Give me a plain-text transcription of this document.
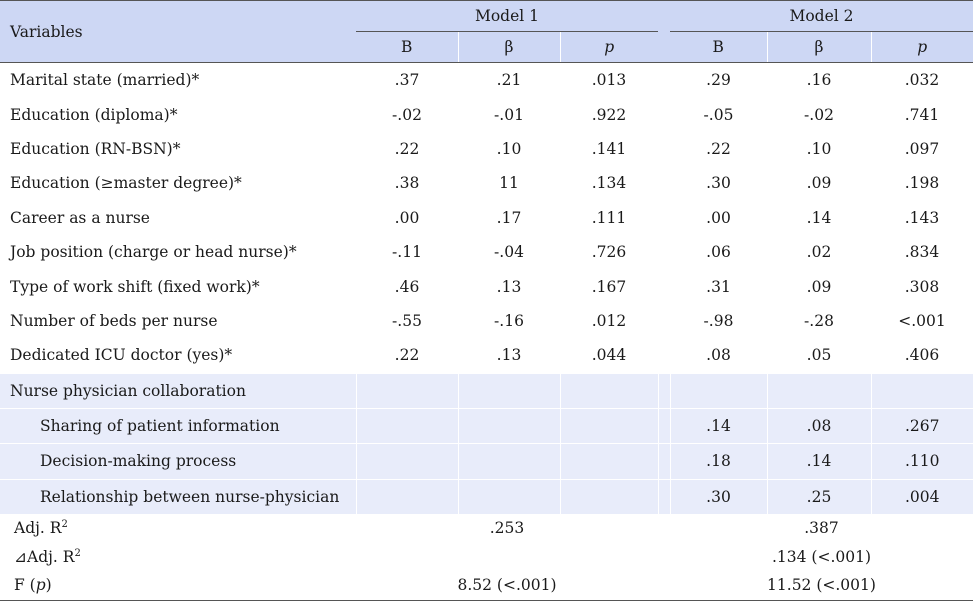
Variables	Model 1				Model 2		
	B	β	p		B	β	p
Marital state (married)*	.37	.21	.013		.29	.16	.032
Education (diploma)*	-.02	-.01	.922		-.05	-.02	.741
Education (RN-BSN)*	.22	.10	.141		.22	.10	.097
Education (≥master degree)*	.38	11	.134		.30	.09	.198
Career as a nurse	.00	.17	.111		.00	.14	.143
Job position (charge or head nurse)*	-.11	-.04	.726		.06	.02	.834
Type of work shift (fixed work)*	.46	.13	.167		.31	.09	.308
Number of beds per nurse	-.55	-.16	.012		-.98	-.28	<.001
Dedicated ICU doctor (yes)*	.22	.13	.044		.08	.05	.406
Nurse physician collaboration							
Sharing of patient information					.14	.08	.267
Decision-making process					.18	.14	.110
Relationship between nurse-physician					.30	.25	.004
Adj. $R^2$	.253				.387		
⊿Adj. $R^2$					.134 (<.001)		
F (p)	8.52 (<.001)				11.52 (<.001)		
